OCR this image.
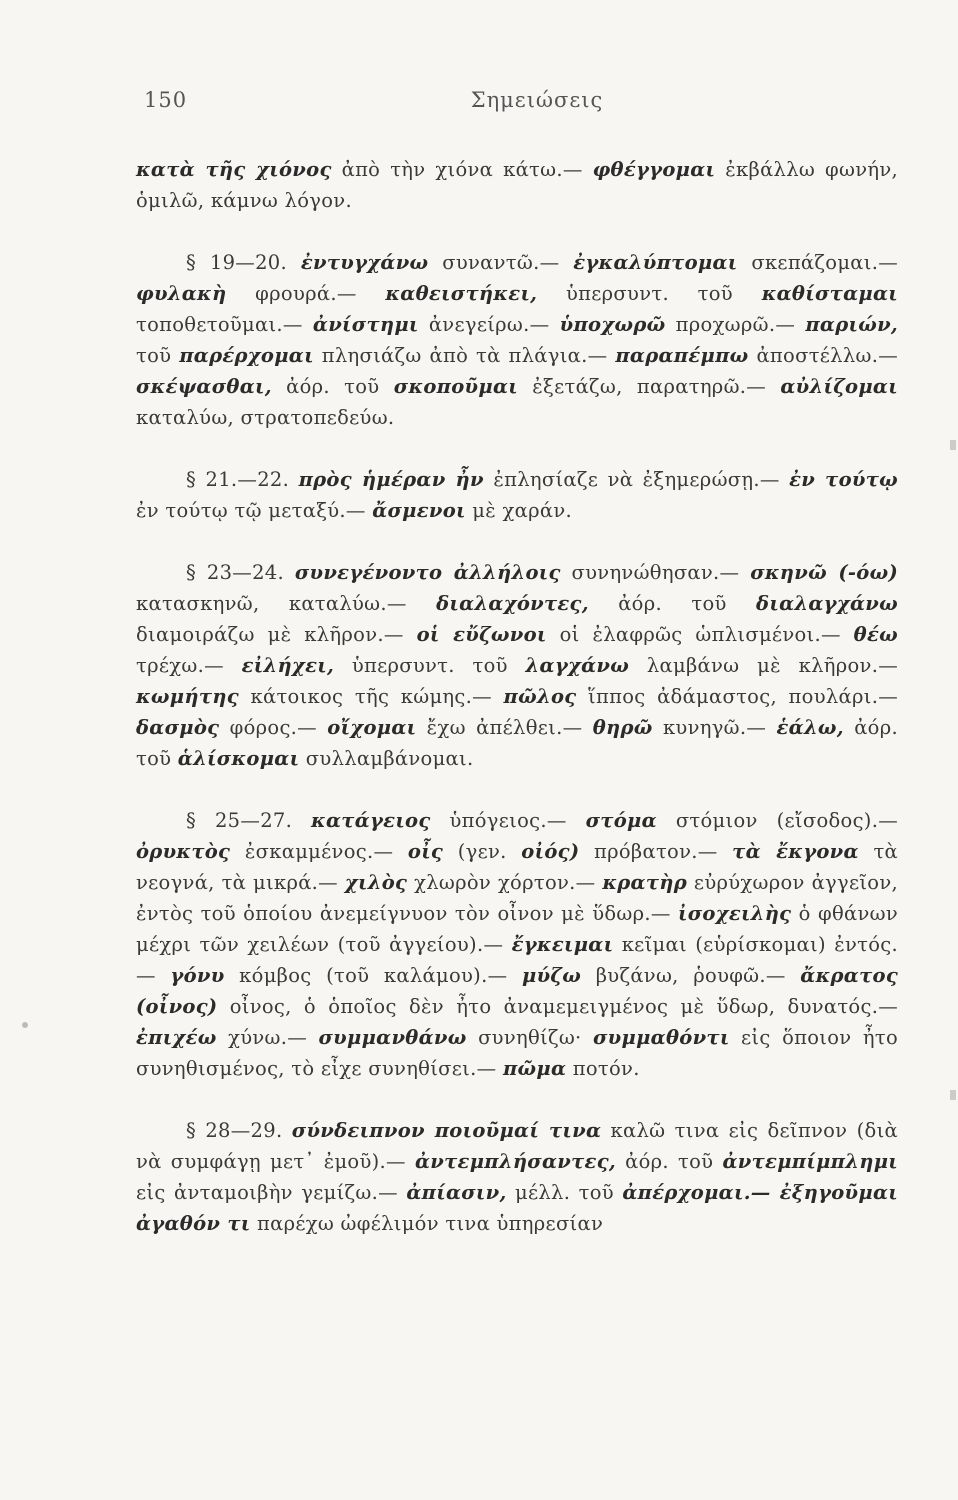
150	Σημειώσεις

κατὰ τῆς χιόνος ἀπὸ τὴν χιόνα κάτω.— φθέγγομαι ἐκβάλλω φωνήν, ὁμιλῶ, κάμνω λόγον.

§ 19—20. ἐντυγχάνω συναντῶ.— ἐγκαλύπτομαι σκεπάζομαι.— φυλακὴ φρουρά.— καθειστήκει, ὑπερσυντ. τοῦ καθίσταμαι τοποθετοῦμαι.— ἀνίστημι ἀνεγείρω.— ὑποχωρῶ προχωρῶ.— παριών, τοῦ παρέρχομαι πλησιάζω ἀπὸ τὰ πλάγια.— παραπέμπω ἀποστέλλω.— σκέψασθαι, ἀόρ. τοῦ σκοποῦμαι ἐξετάζω, παρατηρῶ.— αὐλίζομαι καταλύω, στρατοπεδεύω.

§ 21.—22. πρὸς ἡμέραν ἦν ἐπλησίαζε νὰ ἐξημερώσῃ.— ἐν τούτῳ ἐν τούτῳ τῷ μεταξύ.— ἄσμενοι μὲ χαράν.

§ 23—24. συνεγένοντο ἀλλήλοις συνηνώθησαν.— σκηνῶ (-όω) κατασκηνῶ, καταλύω.— διαλαχόντες, ἀόρ. τοῦ διαλαγχάνω διαμοιράζω μὲ κλῆρον.— οἱ εὔζωνοι οἱ ἐλαφρῶς ὡπλισμένοι.— θέω τρέχω.— εἰλήχει, ὑπερσυντ. τοῦ λαγχάνω λαμβάνω μὲ κλῆρον.— κωμήτης κάτοικος τῆς κώμης.— πῶλος ἵππος ἀδάμαστος, πουλάρι.— δασμὸς φόρος.— οἴχομαι ἔχω ἀπέλθει.— θηρῶ κυνηγῶ.— ἑάλω, ἀόρ. τοῦ ἁλίσκομαι συλλαμβάνομαι.

§ 25—27. κατάγειος ὑπόγειος.— στόμα στόμιον (εἴσοδος).— ὀρυκτὸς ἐσκαμμένος.— οἶς (γεν. οἰός) πρόβατον.— τὰ ἔκγονα τὰ νεογνά, τὰ μικρά.— χιλὸς χλωρὸν χόρτον.— κρατὴρ εὐρύχωρον ἀγγεῖον, ἐντὸς τοῦ ὁποίου ἀνεμείγνυον τὸν οἶνον μὲ ὕδωρ.— ἰσοχειλὴς ὁ φθάνων μέχρι τῶν χειλέων (τοῦ ἀγγείου).— ἔγκειμαι κεῖμαι (εὑρίσκομαι) ἐντός.— γόνυ κόμβος (τοῦ καλάμου).— μύζω βυζάνω, ῥουφῶ.— ἄκρατος (οἶνος) οἶνος, ὁ ὁποῖος δὲν ἦτο ἀναμεμειγμένος μὲ ὕδωρ, δυνατός.— ἐπιχέω χύνω.— συμμανθάνω συνηθίζω· συμμαθόντι εἰς ὅποιον ἦτο συνηθισμένος, τὸ εἶχε συνηθίσει.— πῶμα ποτόν.

§ 28—29. σύνδειπνον ποιοῦμαί τινα καλῶ τινα εἰς δεῖπνον (διὰ νὰ συμφάγῃ μετ᾽ ἐμοῦ).— ἀντεμπλήσαντες, ἀόρ. τοῦ ἀντεμπίμπλημι εἰς ἀνταμοιβὴν γεμίζω.— ἀπίασιν, μέλλ. τοῦ ἀπέρχομαι.— ἐξηγοῦμαι ἀγαθόν τι παρέχω ὠφέλιμόν τινα ὑπηρεσίαν
